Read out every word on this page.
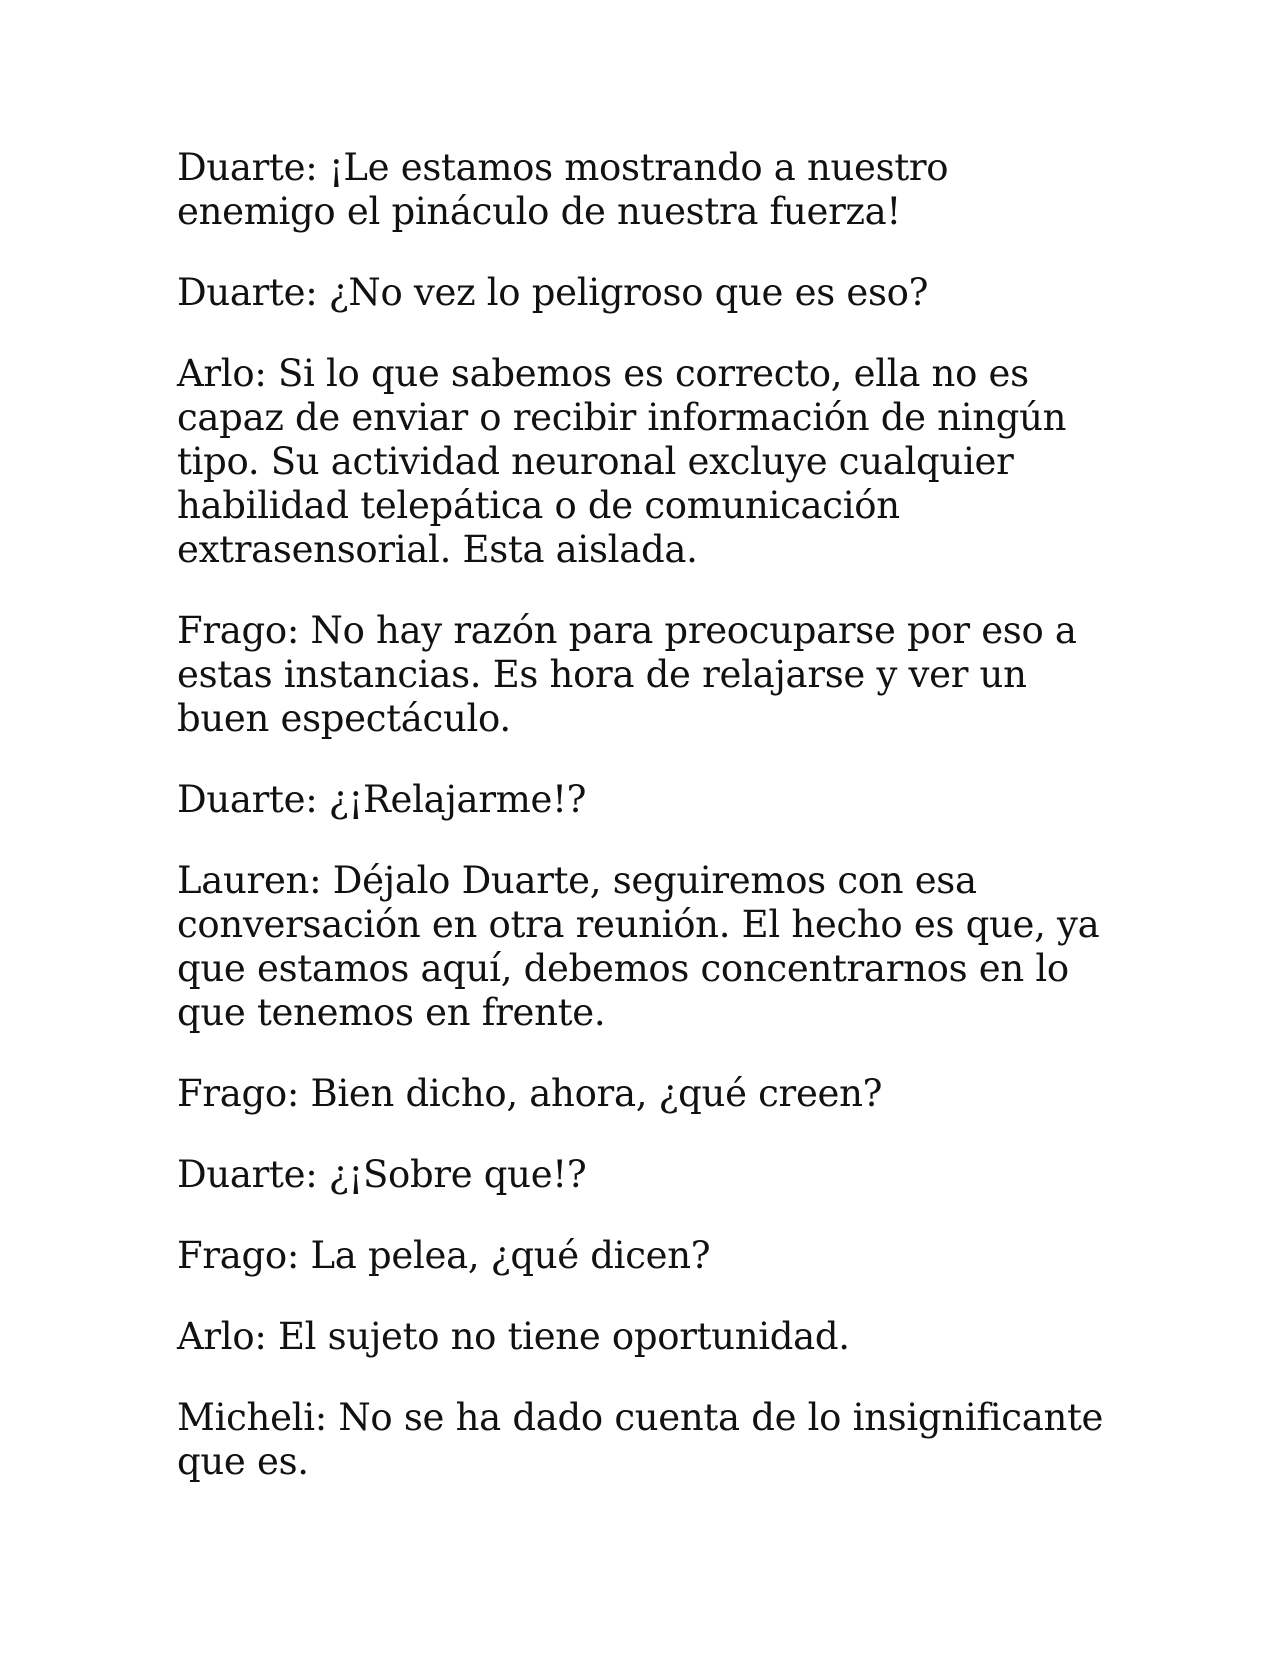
Duarte: ¡Le estamos mostrando a nuestro enemigo el pináculo de nuestra fuerza!

Duarte: ¿No vez lo peligroso que es eso?

Arlo: Si lo que sabemos es correcto, ella no es capaz de enviar o recibir información de ningún tipo. Su actividad neuronal excluye cualquier habilidad telepática o de comunicación extrasensorial. Esta aislada.

Frago: No hay razón para preocuparse por eso a estas instancias. Es hora de relajarse y ver un buen espectáculo.

Duarte: ¿¡Relajarme!?

Lauren: Déjalo Duarte, seguiremos con esa conversación en otra reunión. El hecho es que, ya que estamos aquí, debemos concentrarnos en lo que tenemos en frente.

Frago: Bien dicho, ahora, ¿qué creen?

Duarte: ¿¡Sobre que!?

Frago: La pelea, ¿qué dicen?

Arlo: El sujeto no tiene oportunidad.

Micheli: No se ha dado cuenta de lo insignificante que es.
